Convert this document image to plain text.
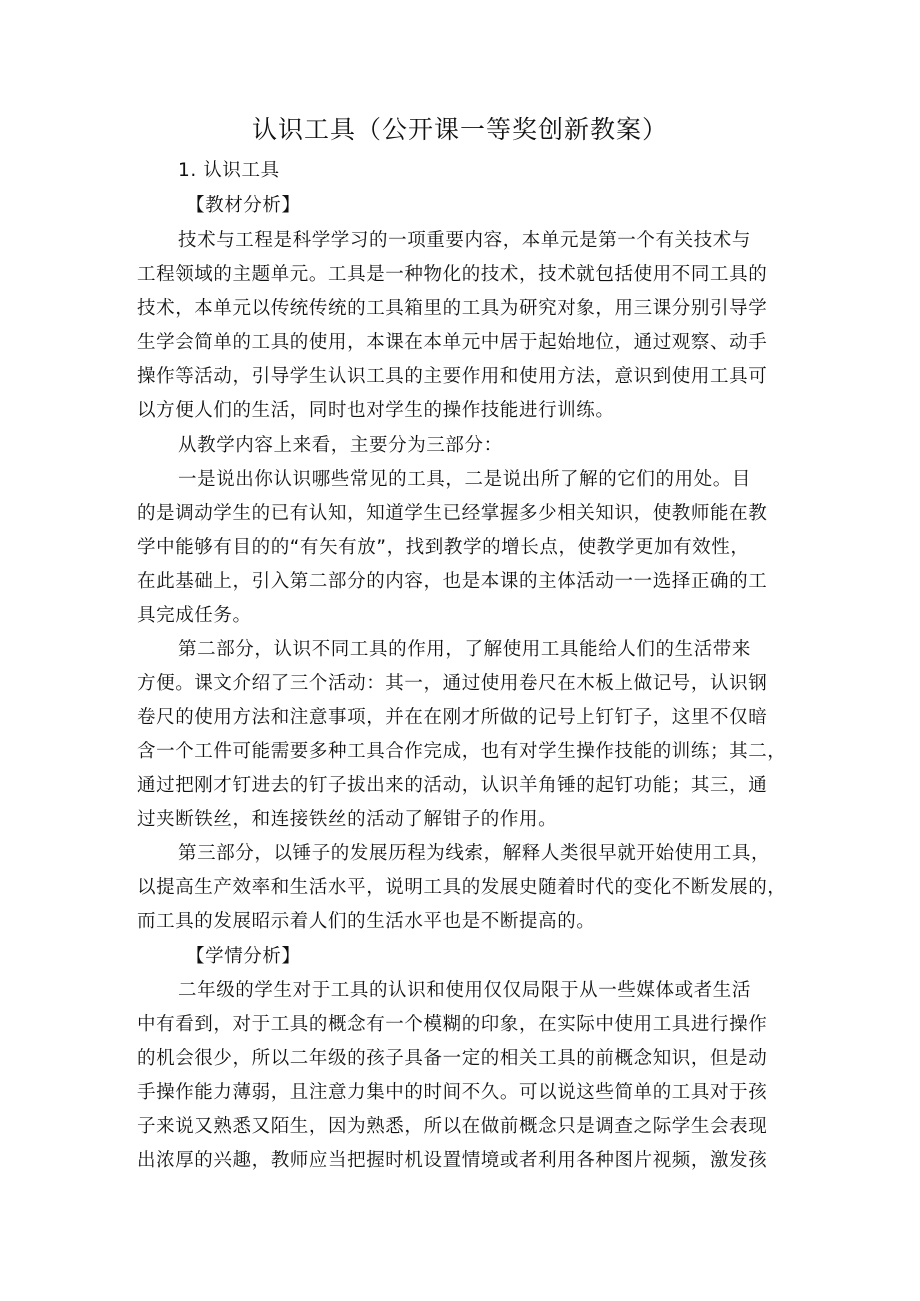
认识工具（公开课一等奖创新教案）
1. 认识工具
【教材分析】
技术与工程是科学学习的一项重要内容，本单元是第一个有关技术与
工程领域的主题单元。工具是一种物化的技术，技术就包括使用不同工具的
技术，本单元以传统传统的工具箱里的工具为研究对象，用三课分别引导学
生学会简单的工具的使用，本课在本单元中居于起始地位，通过观察、动手
操作等活动，引导学生认识工具的主要作用和使用方法，意识到使用工具可
以方便人们的生活，同时也对学生的操作技能进行训练。
从教学内容上来看，主要分为三部分：
一是说出你认识哪些常见的工具，二是说出所了解的它们的用处。目
的是调动学生的已有认知，知道学生已经掌握多少相关知识，使教师能在教
学中能够有目的的“有矢有放”，找到教学的增长点，使教学更加有效性，
在此基础上，引入第二部分的内容，也是本课的主体活动一一选择正确的工
具完成任务。
第二部分，认识不同工具的作用，了解使用工具能给人们的生活带来
方便。课文介绍了三个活动：其一，通过使用卷尺在木板上做记号，认识钢
卷尺的使用方法和注意事项，并在在刚才所做的记号上钉钉子，这里不仅暗
含一个工件可能需要多种工具合作完成，也有对学生操作技能的训练；其二，
通过把刚才钉进去的钉子拔出来的活动，认识羊角锤的起钉功能；其三，通
过夹断铁丝，和连接铁丝的活动了解钳子的作用。
第三部分，以锤子的发展历程为线索，解释人类很早就开始使用工具，
以提高生产效率和生活水平，说明工具的发展史随着时代的变化不断发展的，
而工具的发展昭示着人们的生活水平也是不断提高的。
【学情分析】
二年级的学生对于工具的认识和使用仅仅局限于从一些媒体或者生活
中有看到，对于工具的概念有一个模糊的印象，在实际中使用工具进行操作
的机会很少，所以二年级的孩子具备一定的相关工具的前概念知识，但是动
手操作能力薄弱，且注意力集中的时间不久。可以说这些简单的工具对于孩
子来说又熟悉又陌生，因为熟悉，所以在做前概念只是调查之际学生会表现
出浓厚的兴趣，教师应当把握时机设置情境或者利用各种图片视频，激发孩
